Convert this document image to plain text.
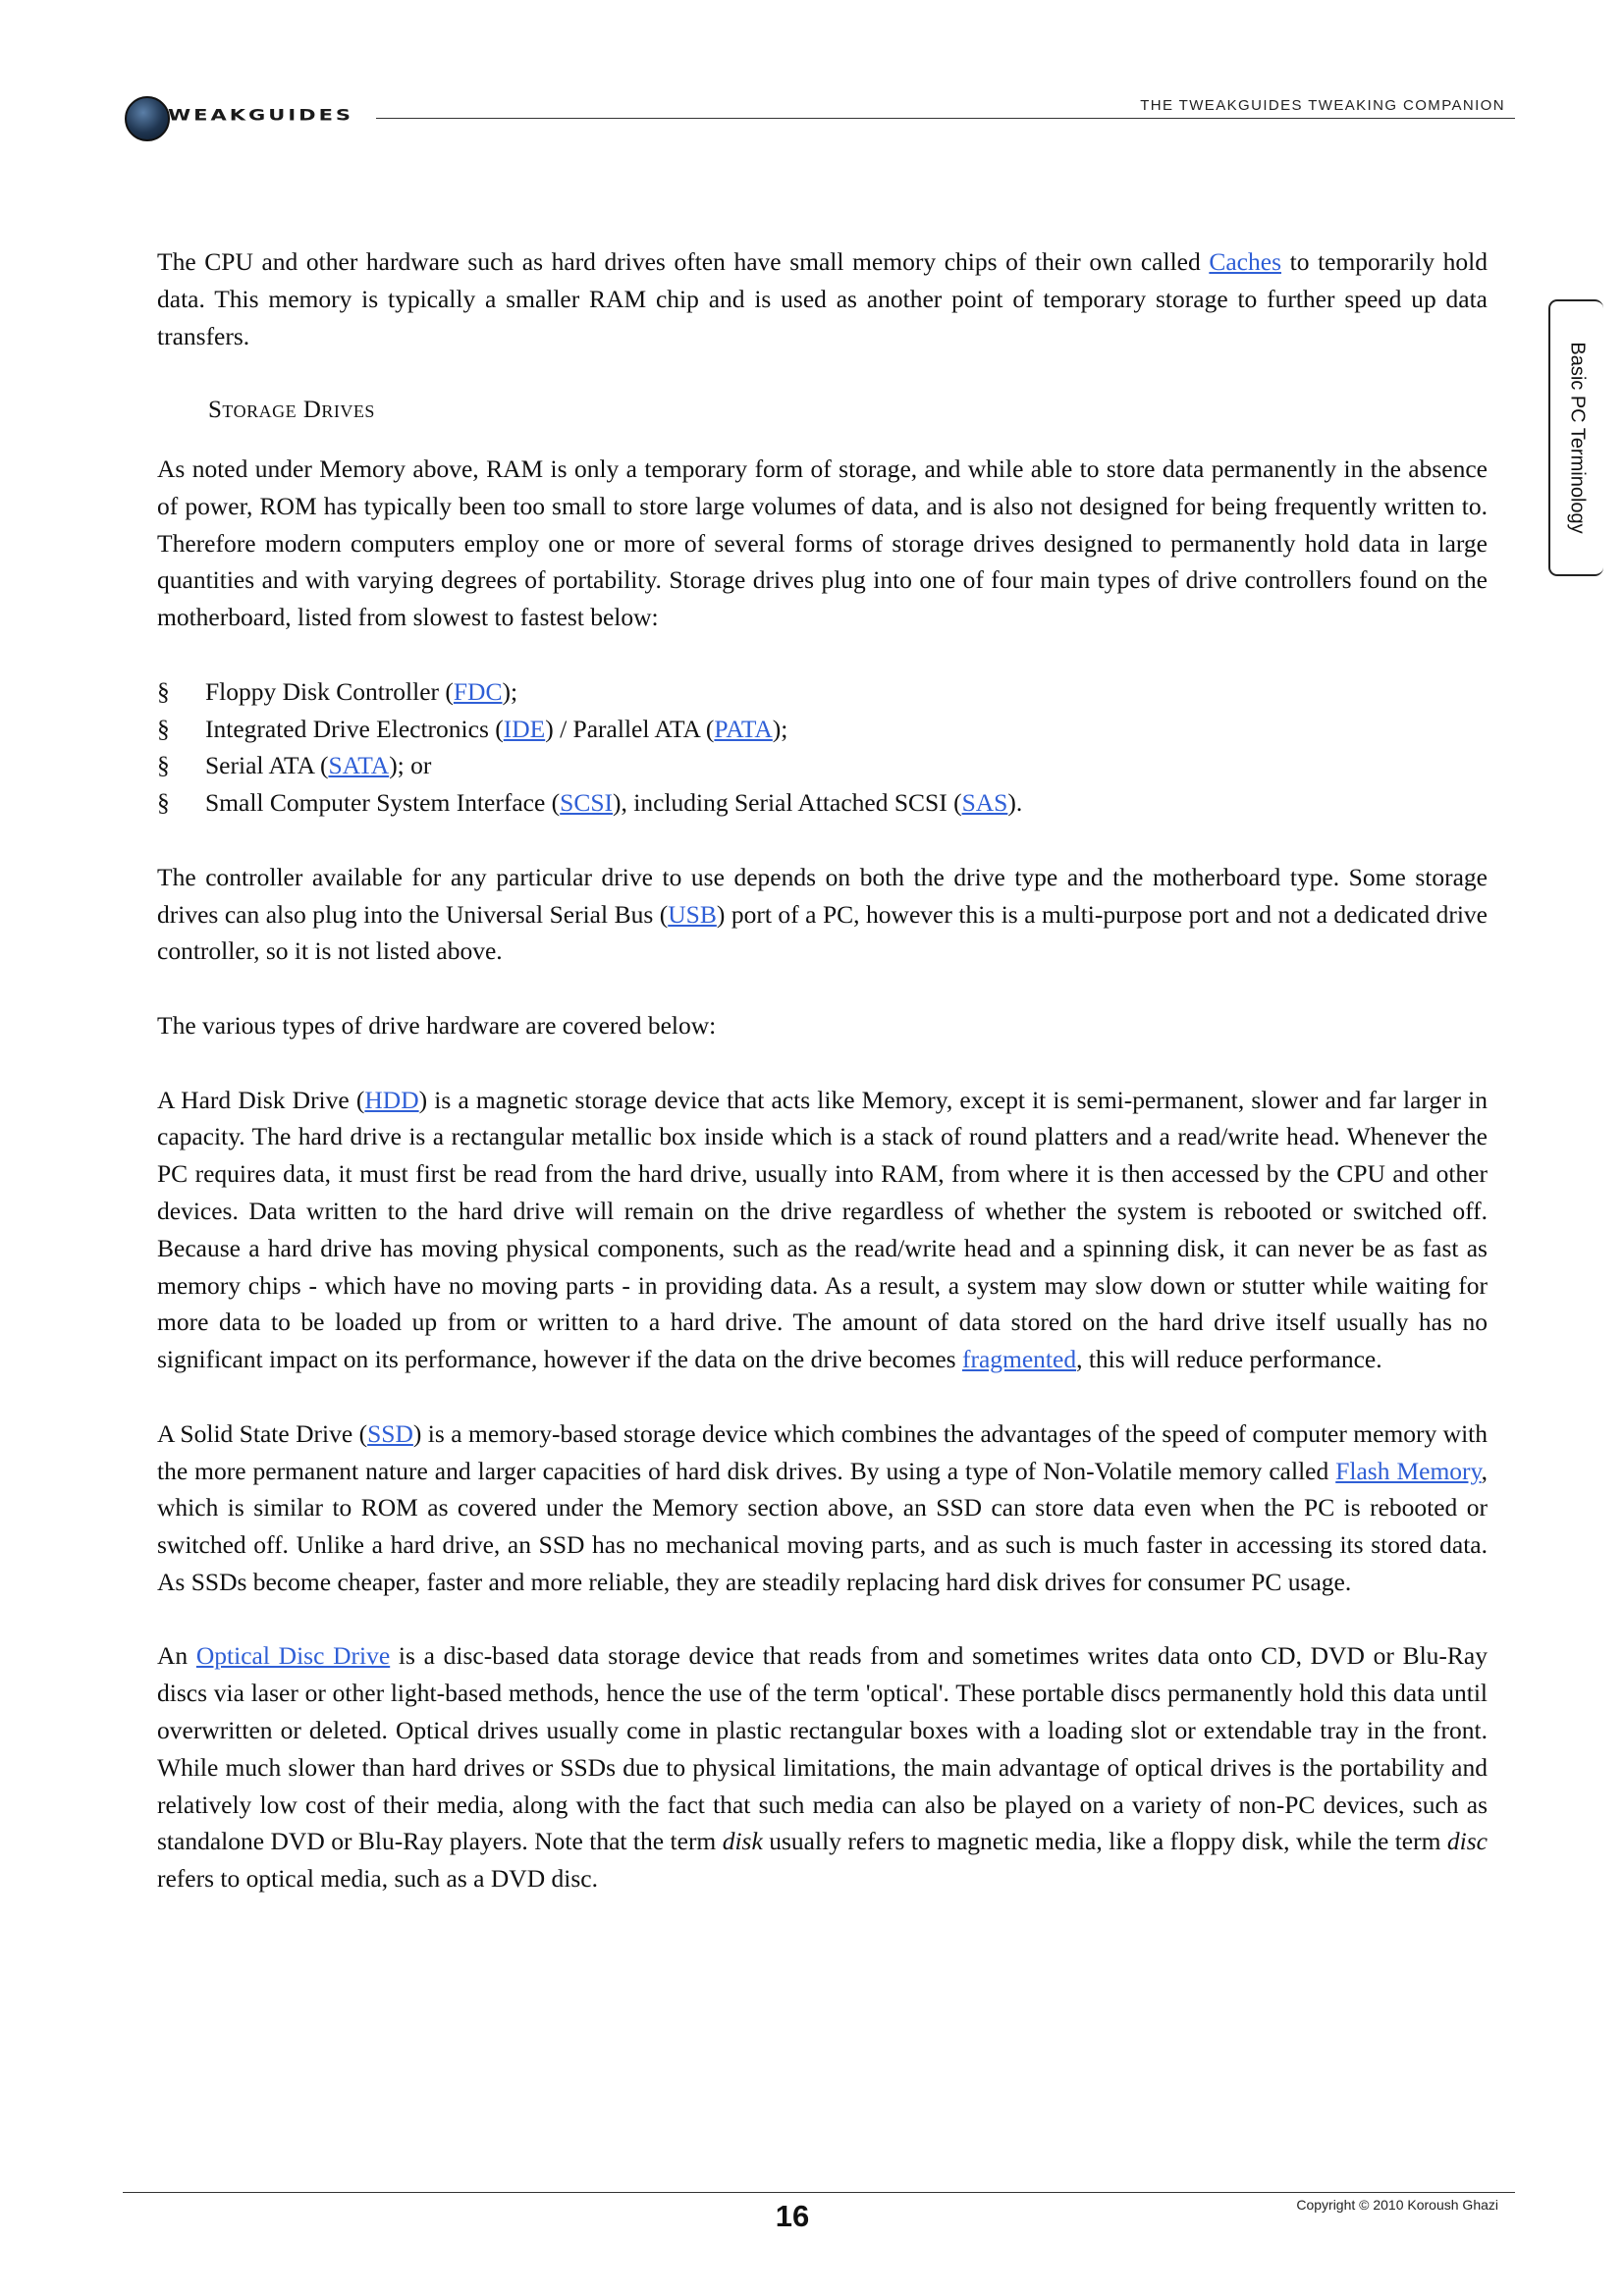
WEAKGUIDES
THE TWEAKGUIDES TWEAKING COMPANION
Basic PC Terminology

The CPU and other hardware such as hard drives often have small memory chips of their own called Caches to temporarily hold data. This memory is typically a smaller RAM chip and is used as another point of temporary storage to further speed up data transfers.

Storage Drives

As noted under Memory above, RAM is only a temporary form of storage, and while able to store data permanently in the absence of power, ROM has typically been too small to store large volumes of data, and is also not designed for being frequently written to. Therefore modern computers employ one or more of several forms of storage drives designed to permanently hold data in large quantities and with varying degrees of portability. Storage drives plug into one of four main types of drive controllers found on the motherboard, listed from slowest to fastest below:

§ Floppy Disk Controller (FDC);
§ Integrated Drive Electronics (IDE) / Parallel ATA (PATA);
§ Serial ATA (SATA); or
§ Small Computer System Interface (SCSI), including Serial Attached SCSI (SAS).

The controller available for any particular drive to use depends on both the drive type and the motherboard type. Some storage drives can also plug into the Universal Serial Bus (USB) port of a PC, however this is a multi-purpose port and not a dedicated drive controller, so it is not listed above.

The various types of drive hardware are covered below:

A Hard Disk Drive (HDD) is a magnetic storage device that acts like Memory, except it is semi-permanent, slower and far larger in capacity. The hard drive is a rectangular metallic box inside which is a stack of round platters and a read/write head. Whenever the PC requires data, it must first be read from the hard drive, usually into RAM, from where it is then accessed by the CPU and other devices. Data written to the hard drive will remain on the drive regardless of whether the system is rebooted or switched off. Because a hard drive has moving physical components, such as the read/write head and a spinning disk, it can never be as fast as memory chips - which have no moving parts - in providing data. As a result, a system may slow down or stutter while waiting for more data to be loaded up from or written to a hard drive. The amount of data stored on the hard drive itself usually has no significant impact on its performance, however if the data on the drive becomes fragmented, this will reduce performance.

A Solid State Drive (SSD) is a memory-based storage device which combines the advantages of the speed of computer memory with the more permanent nature and larger capacities of hard disk drives. By using a type of Non-Volatile memory called Flash Memory, which is similar to ROM as covered under the Memory section above, an SSD can store data even when the PC is rebooted or switched off. Unlike a hard drive, an SSD has no mechanical moving parts, and as such is much faster in accessing its stored data. As SSDs become cheaper, faster and more reliable, they are steadily replacing hard disk drives for consumer PC usage.

An Optical Disc Drive is a disc-based data storage device that reads from and sometimes writes data onto CD, DVD or Blu-Ray discs via laser or other light-based methods, hence the use of the term 'optical'. These portable discs permanently hold this data until overwritten or deleted. Optical drives usually come in plastic rectangular boxes with a loading slot or extendable tray in the front. While much slower than hard drives or SSDs due to physical limitations, the main advantage of optical drives is the portability and relatively low cost of their media, along with the fact that such media can also be played on a variety of non-PC devices, such as standalone DVD or Blu-Ray players. Note that the term disk usually refers to magnetic media, like a floppy disk, while the term disc refers to optical media, such as a DVD disc.

16	Copyright © 2010 Koroush Ghazi
